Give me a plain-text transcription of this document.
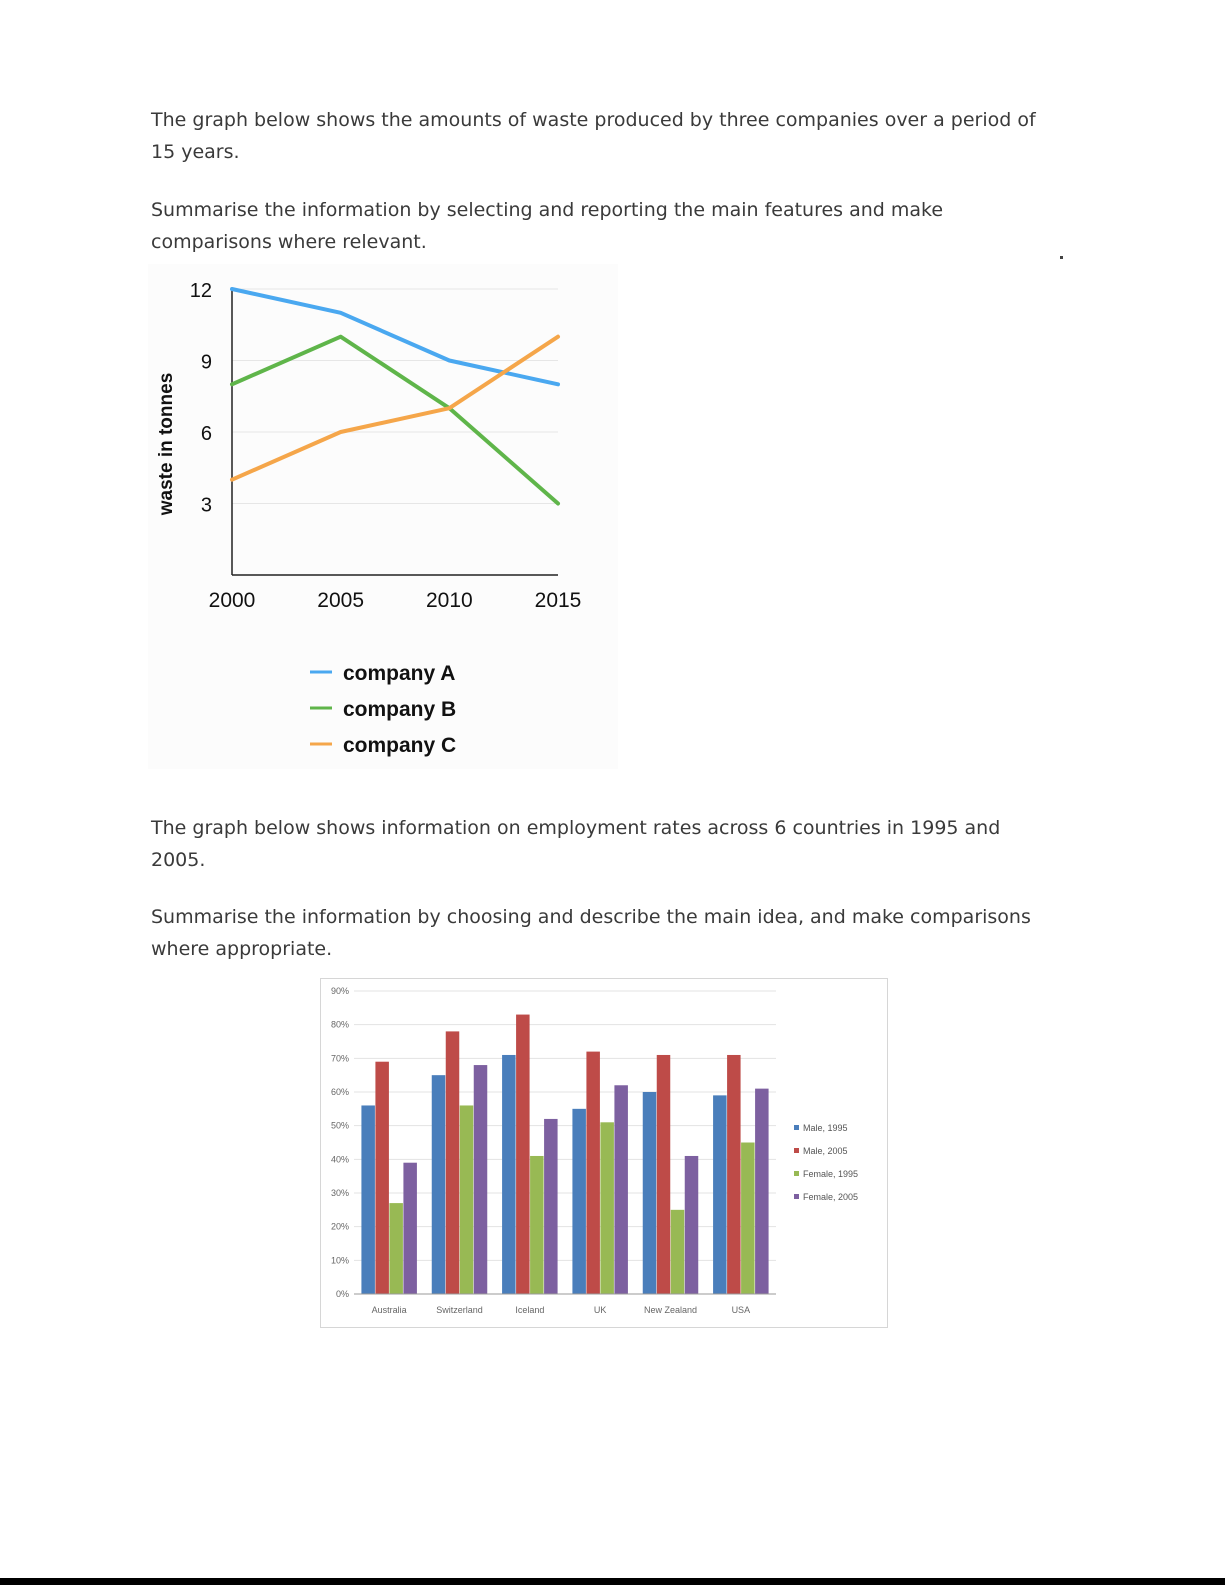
The graph below shows the amounts of waste produced by three companies over a period of 15 years.

Summarise the information by selecting and reporting the main features and make comparisons where relevant.

3
6
9
12
2000	2005	2010	2015
waste in tonnes
company A
company B
company C

The graph below shows information on employment rates across 6 countries in 1995 and 2005.

Summarise the information by choosing and describe the main idea, and make comparisons where appropriate.

0%
10%
20%
30%
40%
50%
60%
70%
80%
90%
Australia	Switzerland	Iceland	UK	New Zealand	USA
Male, 1995
Male, 2005
Female, 1995
Female, 2005
